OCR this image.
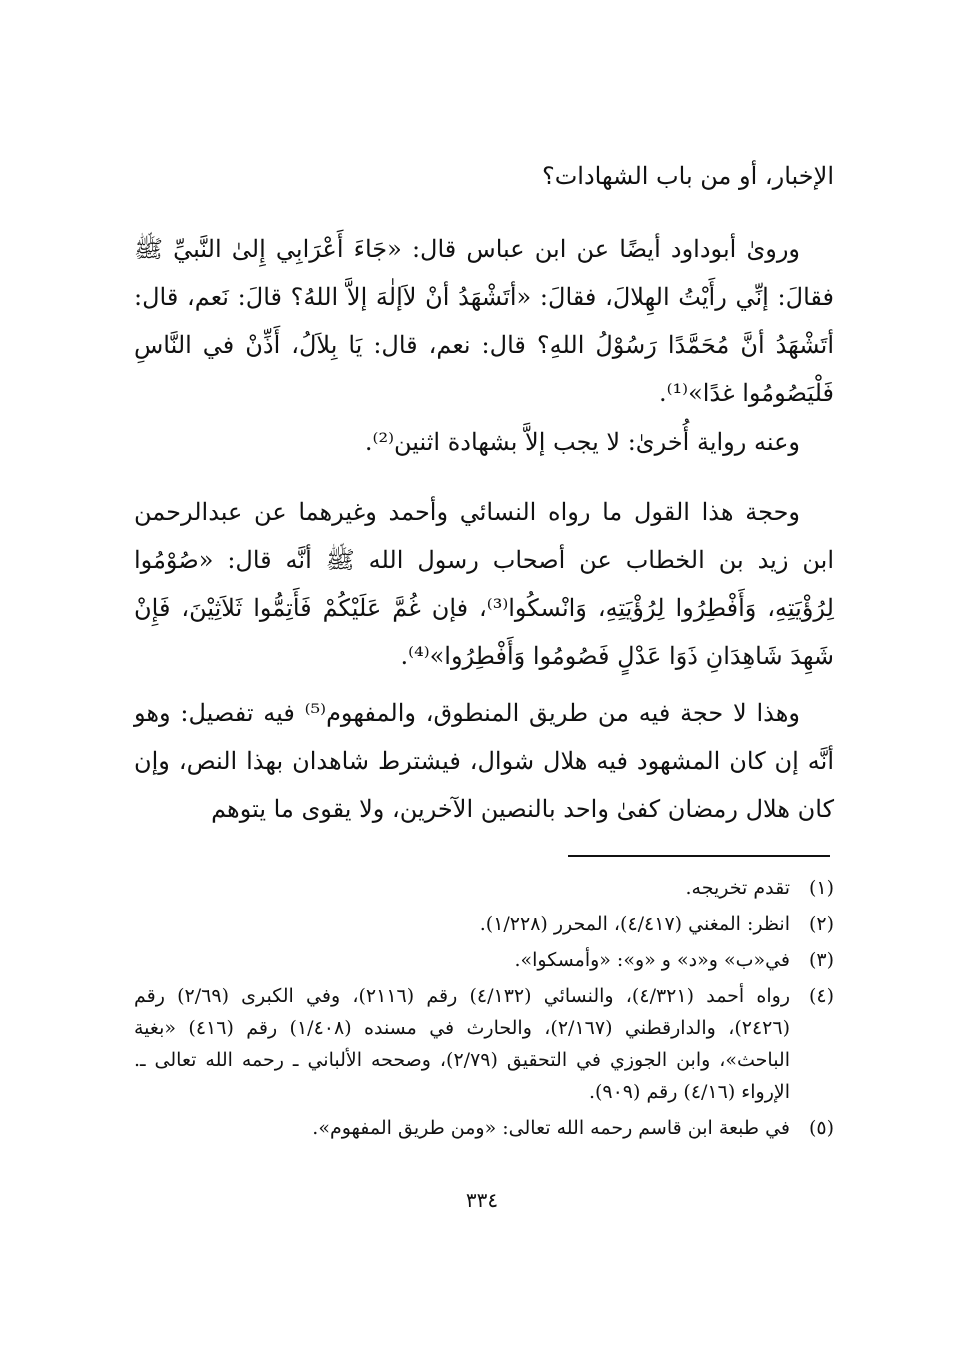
الإخبار، أو من باب الشهادات؟

وروىٰ أبوداود أيضًا عن ابن عباس قال: «جَاءَ أَعْرَابِي إِلىٰ النَّبيِّ ﷺ فقالَ: إنِّي رأَيْتُ الهِلالَ، فقالَ: «أتَشْهَدُ أنْ لاَإلٰهَ إلاَّ اللهُ؟ قالَ: نَعم، قال: أتَشْهَدُ أنَّ مُحَمَّدًا رَسُوْلُ اللهِ؟ قال: نعم، قال: يَا بِلاَلُ، أَذِّنْ في النَّاسِ فَلْيَصُومُوا غدًا»⁽¹⁾.

وعنه رواية أُخرىٰ: لا يجب إلاَّ بشهادة اثنين⁽²⁾.

وحجة هذا القول ما رواه النسائي وأحمد وغيرهما عن عبدالرحمن ابن زيد بن الخطاب عن أصحاب رسول الله ﷺ أنَّه قال: «صُوْمُوا لِرُؤْيَتِهِ، وَأَفْطِرُوا لِرُؤْيَتِهِ، وَانْسكُوا⁽³⁾، فإن غُمَّ عَلَيْكُمْ فَأَتِمُّوا ثَلاَثِيْنَ، فَإِنْ شَهِدَ شَاهِدَانِ ذَوَا عَدْلٍ فَصُومُوا وَأَفْطِرُوا»⁽⁴⁾.

وهذا لا حجة فيه من طريق المنطوق، والمفهوم⁽⁵⁾ فيه تفصيل: وهو أنَّه إن كان المشهود فيه هلال شوال، فيشترط شاهدان بهذا النص، وإن كان هلال رمضان كفىٰ واحد بالنصين الآخرين، ولا يقوى ما يتوهم

(١)
تقدم تخريجه.
(٢)
انظر: المغني (٤/٤١٧)، المحرر (١/٢٢٨).
(٣)
في«ب» و«د» و «و»: «وأمسكوا».
(٤)
رواه أحمد (٤/٣٢١)، والنسائي (٤/١٣٢) رقم (٢١١٦)، وفي الكبرى (٢/٦٩) رقم (٢٤٢٦)، والدارقطني (٢/١٦٧)، والحارث في مسنده (١/٤٠٨) رقم (٤١٦) «بغية الباحث»، وابن الجوزي في التحقيق (٢/٧٩)، وصححه الألباني ـ رحمه الله تعالى ـ. الإرواء (٤/١٦) رقم (٩٠٩).
(٥)
في طبعة ابن قاسم رحمه الله تعالى: «ومن طريق المفهوم».
٣٣٤
